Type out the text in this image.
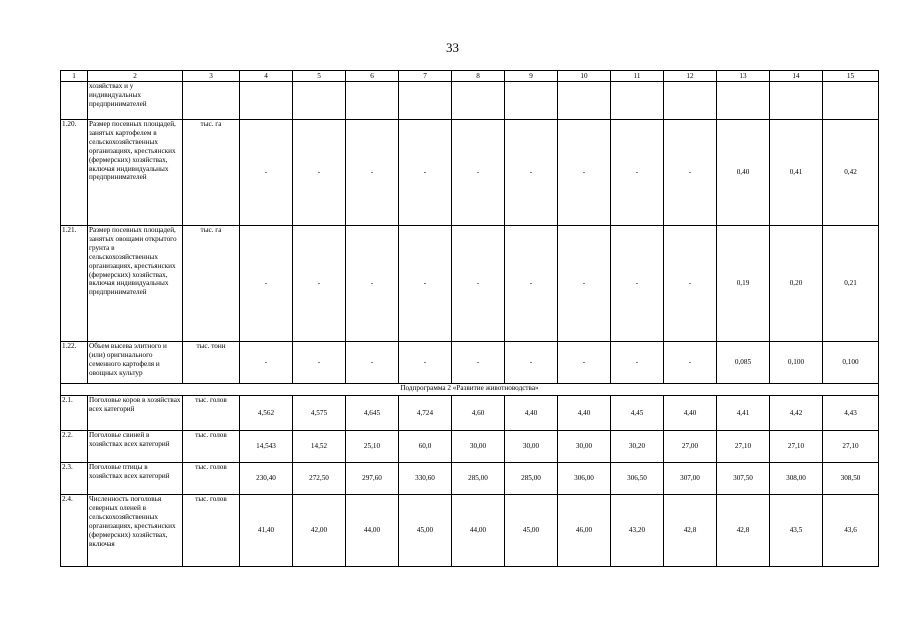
33
1	2	3	4	5	6	7	8	9	10	11	12	13	14	15
	хозяйствах и у индивидуальных предпринимателей													
1.20.	Размер посевных площадей, занятых картофелем в сельскохозяйственных организациях, крестьянских (фермерских) хозяйствах, включая индивидуальных предпринимателей	тыс. га	-	-	-	-	-	-	-	-	-	0,40	0,41	0,42
1.21.	Размер посевных площадей, занятых овощами открытого грунта в сельскохозяйственных организациях, крестьянских (фермерских) хозяйствах, включая индивидуальных предпринимателей	тыс. га	-	-	-	-	-	-	-	-	-	0,19	0,20	0,21
1.22.	Объем высева элитного и (или) оригинального семенного картофеля и овощных культур	тыс. тонн	-	-	-	-	-	-	-	-	-	0,085	0,100	0,100
Подпрограмма 2 «Развитие животноводства»														
2.1.	Поголовье коров в хозяйствах всех категорий	тыс. голов	4,562	4,575	4,645	4,724	4,60	4,40	4,40	4,45	4,40	4,41	4,42	4,43
2.2.	Поголовье свиней в хозяйствах всех категорий	тыс. голов	14,543	14,52	25,10	60,0	30,00	30,00	30,00	30,20	27,00	27,10	27,10	27,10
2.3.	Поголовье птицы в хозяйствах всех категорий	тыс. голов	230,40	272,50	297,60	330,60	285,00	285,00	306,00	306,50	307,00	307,50	308,00	308,50
2.4.	Численность поголовья северных оленей в сельскохозяйственных организациях, крестьянских (фермерских) хозяйствах, включая	тыс. голов	41,40	42,00	44,00	45,00	44,00	45,00	46,00	43,20	42,8	42,8	43,5	43,6
